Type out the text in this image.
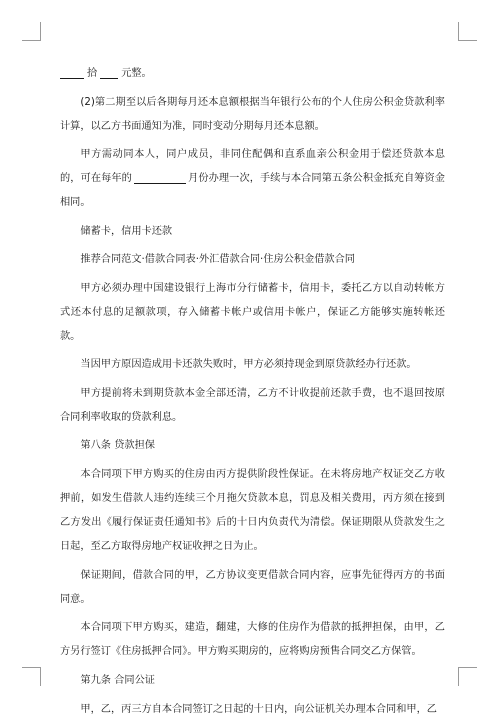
拾 元整。

(2)第二期至以后各期每月还本息额根据当年银行公布的个人住房公积金贷款利率计算，以乙方书面通知为准，同时变动分期每月还本息额。

甲方需动同本人，同户成员，非同住配偶和直系血亲公积金用于偿还贷款本息的，可在每年的	月份办理一次，手续与本合同第五条公积金抵充自筹资金相同。

储蓄卡，信用卡还款

推荐合同范文·借款合同表·外汇借款合同·住房公积金借款合同

甲方必须办理中国建设银行上海市分行储蓄卡，信用卡，委托乙方以自动转帐方式还本付息的足额款项，存入储蓄卡帐户或信用卡帐户，保证乙方能够实施转帐还款。

当因甲方原因造成用卡还款失败时，甲方必须持现金到原贷款经办行还款。

甲方提前将未到期贷款本金全部还清，乙方不计收提前还款手费，也不退回按原合同利率收取的贷款利息。

第八条 贷款担保

本合同项下甲方购买的住房由丙方提供阶段性保证。在未将房地产权证交乙方收押前，如发生借款人违约连续三个月拖欠贷款本息，罚息及相关费用，丙方须在接到乙方发出《履行保证责任通知书》后的十日内负责代为清偿。保证期限从贷款发生之日起，至乙方取得房地产权证收押之日为止。

保证期间，借款合同的甲，乙方协议变更借款合同内容，应事先征得丙方的书面同意。

本合同项下甲方购买，建造，翻建，大修的住房作为借款的抵押担保，由甲，乙方另行签订《住房抵押合同》。甲方购买期房的，应将购房预售合同交乙方保管。

第九条 合同公证

甲，乙，丙三方自本合同签订之日起的十日内，向公证机关办理本合同和甲，乙
